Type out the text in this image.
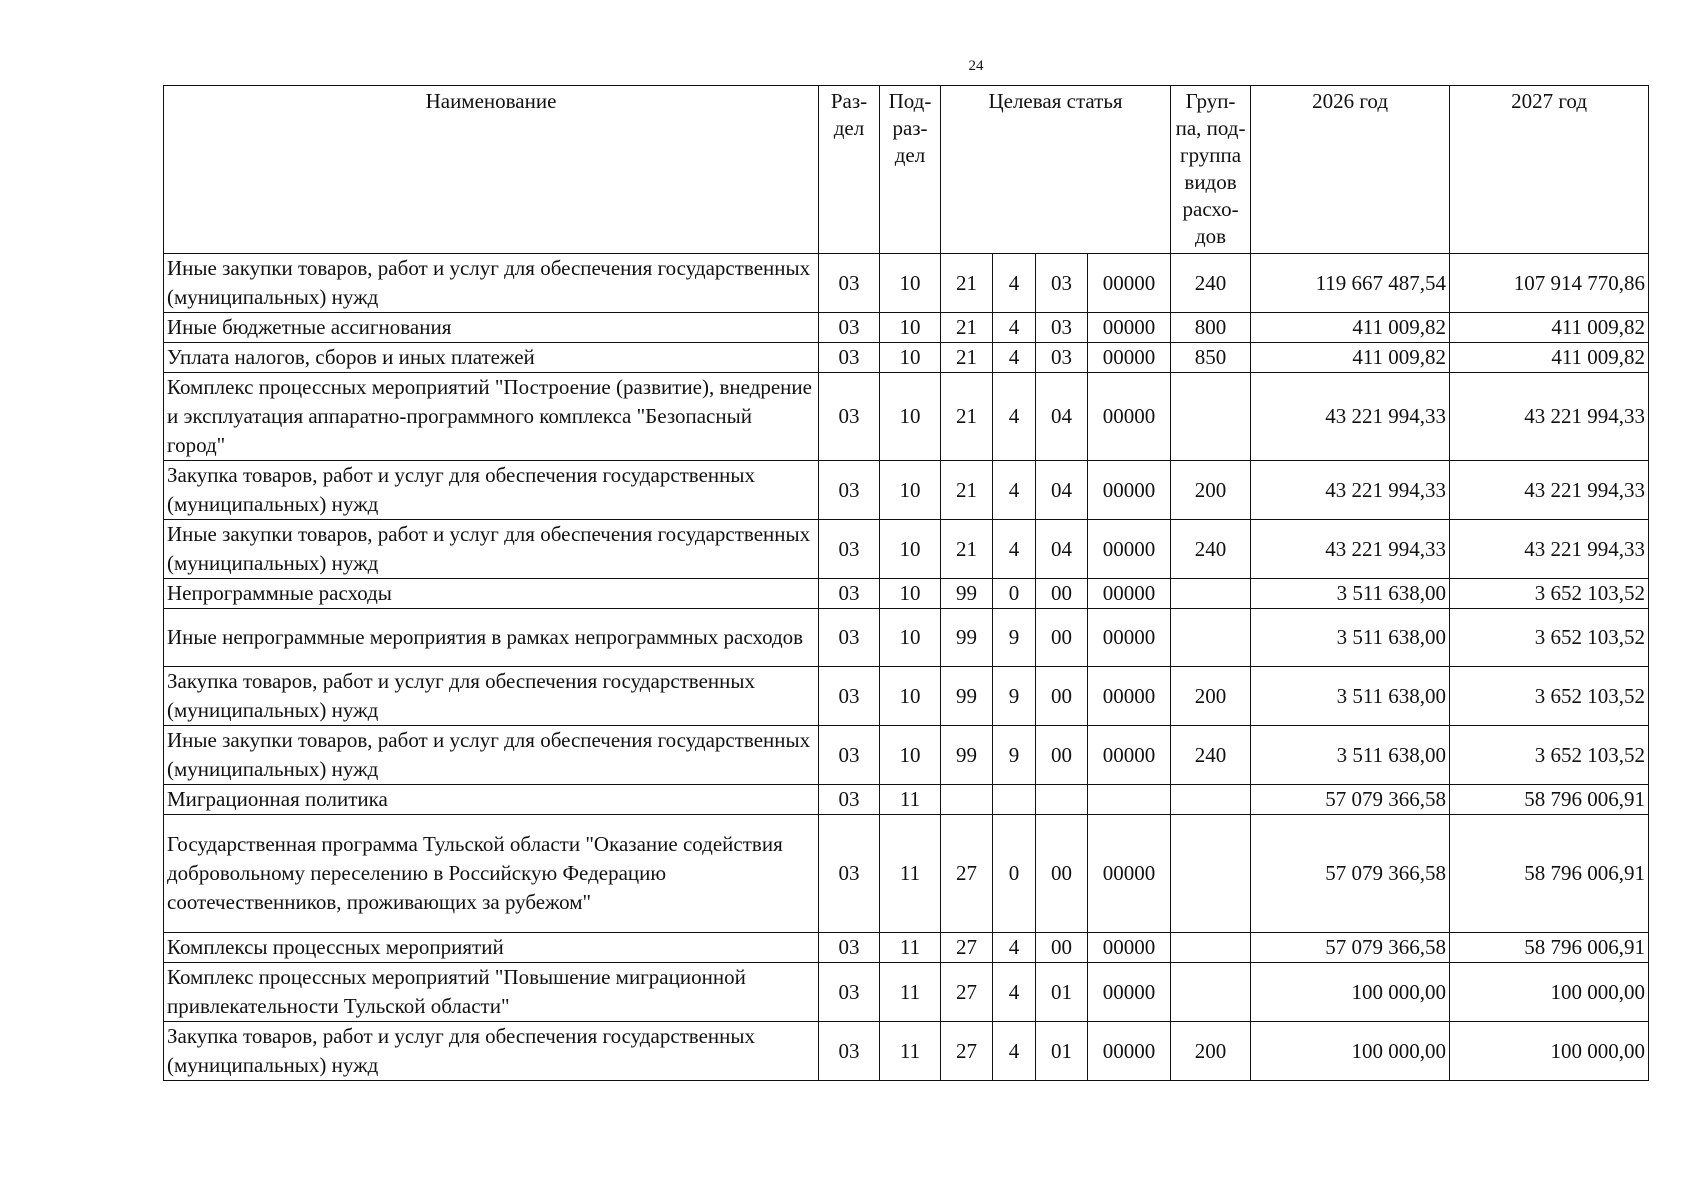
24
Наименование	Раз-дел	Под-раз-дел	Целевая статья				Груп-па, под-группа видов расхо-дов	2026 год	2027 год
Иные закупки товаров, работ и услуг для обеспечения государственных (муниципальных) нужд	03	10	21	4	03	00000	240	119 667 487,54	107 914 770,86
Иные бюджетные ассигнования	03	10	21	4	03	00000	800	411 009,82	411 009,82
Уплата налогов, сборов и иных платежей	03	10	21	4	03	00000	850	411 009,82	411 009,82
Комплекс процессных мероприятий "Построение (развитие), внедрение и эксплуатация аппаратно-программного комплекса "Безопасный город"	03	10	21	4	04	00000		43 221 994,33	43 221 994,33
Закупка товаров, работ и услуг для обеспечения государственных (муниципальных) нужд	03	10	21	4	04	00000	200	43 221 994,33	43 221 994,33
Иные закупки товаров, работ и услуг для обеспечения государственных (муниципальных) нужд	03	10	21	4	04	00000	240	43 221 994,33	43 221 994,33
Непрограммные расходы	03	10	99	0	00	00000		3 511 638,00	3 652 103,52
Иные непрограммные мероприятия в рамках непрограммных расходов	03	10	99	9	00	00000		3 511 638,00	3 652 103,52
Закупка товаров, работ и услуг для обеспечения государственных (муниципальных) нужд	03	10	99	9	00	00000	200	3 511 638,00	3 652 103,52
Иные закупки товаров, работ и услуг для обеспечения государственных (муниципальных) нужд	03	10	99	9	00	00000	240	3 511 638,00	3 652 103,52
Миграционная политика	03	11						57 079 366,58	58 796 006,91
Государственная программа Тульской области "Оказание содействия добровольному переселению в Российскую Федерацию соотечественников, проживающих за рубежом"	03	11	27	0	00	00000		57 079 366,58	58 796 006,91
Комплексы процессных мероприятий	03	11	27	4	00	00000		57 079 366,58	58 796 006,91
Комплекс процессных мероприятий "Повышение миграционной привлекательности Тульской области"	03	11	27	4	01	00000		100 000,00	100 000,00
Закупка товаров, работ и услуг для обеспечения государственных (муниципальных) нужд	03	11	27	4	01	00000	200	100 000,00	100 000,00
